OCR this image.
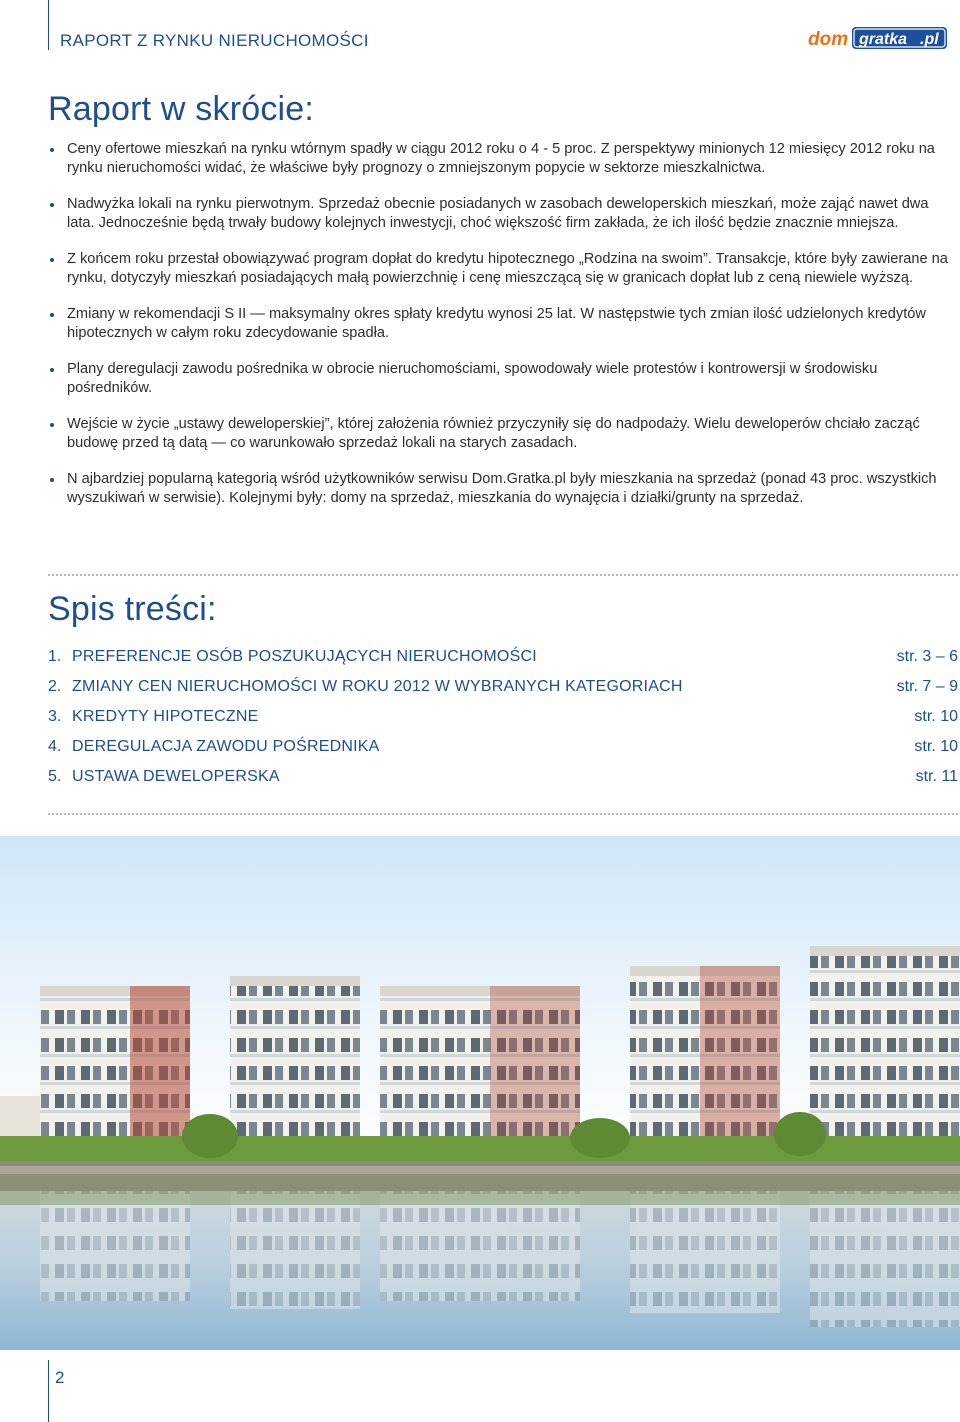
RAPORT Z RYNKU NIERUCHOMOŚCI	dom gratka .pl
Raport w skrócie:
Ceny ofertowe mieszkań na rynku wtórnym spadły w ciągu 2012 roku o 4 - 5 proc. Z perspektywy minionych 12 miesięcy 2012 roku na rynku nieruchomości widać, że właściwe były prognozy o zmniejszonym popycie w sektorze mieszkalnictwa.
Nadwyżka lokali na rynku pierwotnym. Sprzedaż obecnie posiadanych w zasobach deweloperskich mieszkań, może zająć nawet dwa lata. Jednocześnie będą trwały budowy kolejnych inwestycji, choć większość firm zakłada, że ich ilość będzie znacznie mniejsza.
Z końcem roku przestał obowiązywać program dopłat do kredytu hipotecznego „Rodzina na swoim”. Transakcje, które były zawierane na rynku, dotyczyły mieszkań posiadających małą powierzchnię i cenę mieszczącą się w granicach dopłat lub z ceną niewiele wyższą.
Zmiany w rekomendacji S II — maksymalny okres spłaty kredytu wynosi 25 lat. W następstwie tych zmian ilość udzielonych kredytów hipotecznych w całym roku zdecydowanie spadła.
Plany deregulacji zawodu pośrednika w obrocie nieruchomościami, spowodowały wiele protestów i kontrowersji w środowisku pośredników.
Wejście w życie „ustawy deweloperskiej”, której założenia również przyczyniły się do nadpodaży. Wielu deweloperów chciało zacząć budowę przed tą datą — co warunkowało sprzedaż lokali na starych zasadach.
N ajbardziej popularną kategorią wśród użytkowników serwisu Dom.Gratka.pl były mieszkania na sprzedaż (ponad 43 proc. wszystkich wyszukiwań w serwisie). Kolejnymi były: domy na sprzedaż, mieszkania do wynajęcia i działki/grunty na sprzedaż.
Spis treści:
1. PREFERENCJE OSÓB POSZUKUJĄCYCH NIERUCHOMOŚCI	str. 3 – 6
2. ZMIANY CEN NIERUCHOMOŚCI W ROKU 2012 W WYBRANYCH KATEGORIACH	str. 7 – 9
3. KREDYTY HIPOTECZNE	str. 10
4. DEREGULACJA ZAWODU POŚREDNIKA	str. 10
5. USTAWA DEWELOPERSKA	str. 11

2
